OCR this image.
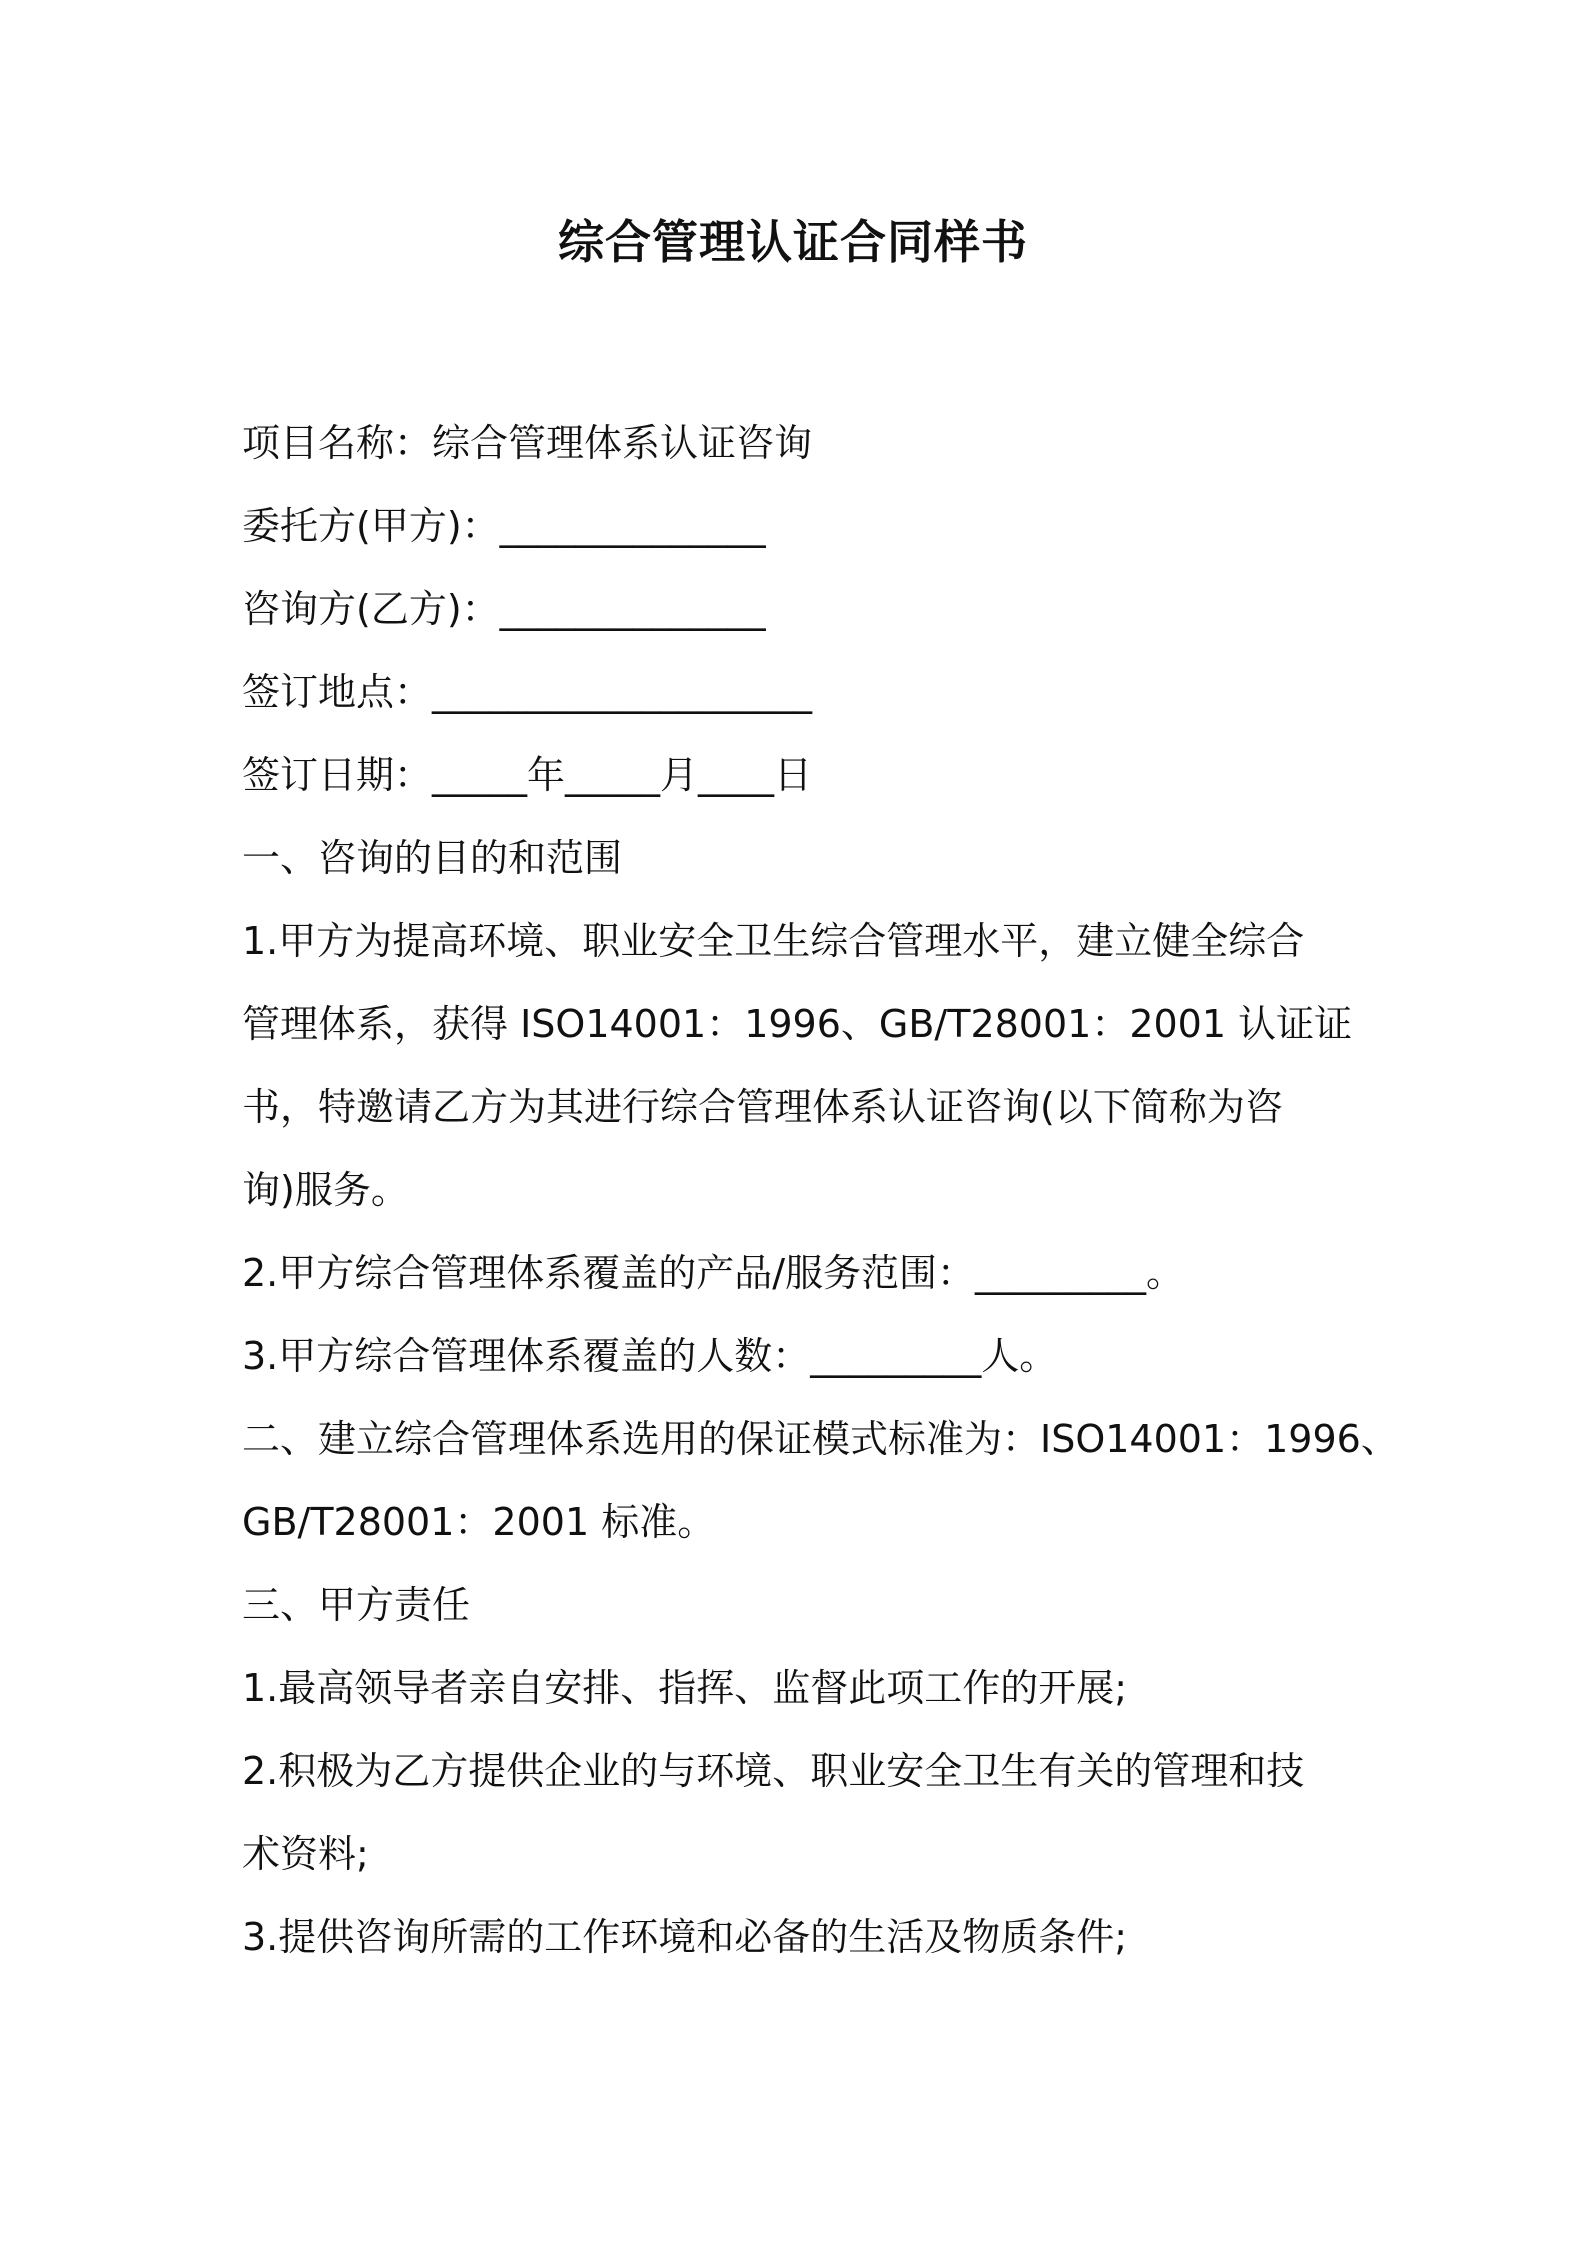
综合管理认证合同样书
项目名称：综合管理体系认证咨询
委托方(甲方)：______________
咨询方(乙方)：______________
签订地点：____________________
签订日期：_____年_____月____日
一、咨询的目的和范围
1.甲方为提高环境、职业安全卫生综合管理水平，建立健全综合
管理体系，获得 ISO14001：1996、GB/T28001：2001 认证证
书，特邀请乙方为其进行综合管理体系认证咨询(以下简称为咨
询)服务。
2.甲方综合管理体系覆盖的产品/服务范围：_________。
3.甲方综合管理体系覆盖的人数：_________人。
二、建立综合管理体系选用的保证模式标准为：ISO14001：1996、
GB/T28001：2001 标准。
三、甲方责任
1.最高领导者亲自安排、指挥、监督此项工作的开展;
2.积极为乙方提供企业的与环境、职业安全卫生有关的管理和技
术资料;
3.提供咨询所需的工作环境和必备的生活及物质条件;
